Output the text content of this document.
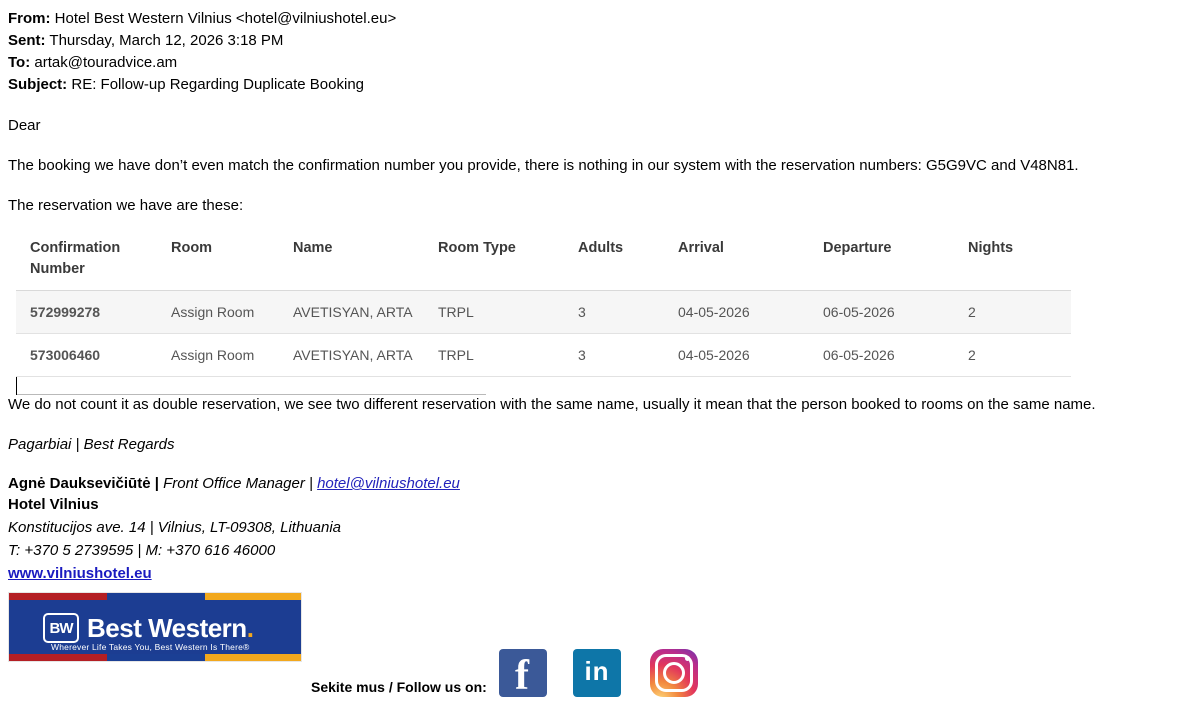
From: Hotel Best Western Vilnius <hotel@vilniushotel.eu>
Sent: Thursday, March 12, 2026 3:18 PM
To: artak@touradvice.am
Subject: RE: Follow-up Regarding Duplicate Booking
Dear
The booking we have don’t even match the confirmation number you provide, there is nothing in our system with the reservation numbers: G5G9VC and V48N81.
The reservation we have are these:
Confirmation Number	Room	Name	Room Type	Adults	Arrival	Departure	Nights
572999278	Assign Room	AVETISYAN, ARTA	TRPL	3	04-05-2026	06-05-2026	2
573006460	Assign Room	AVETISYAN, ARTA	TRPL	3	04-05-2026	06-05-2026	2
We do not count it as double reservation, we see two different reservation with the same name, usually it mean that the person booked to rooms on the same name.
Pagarbiai | Best Regards
Agnė Dauksevičiūtė | Front Office Manager | hotel@vilniushotel.eu
Hotel Vilnius
Konstitucijos ave. 14 | Vilnius, LT-09308, Lithuania
T: +370 5 2739595 | M: +370 616 46000
www.vilniushotel.eu
BW Best Western.
Wherever Life Takes You, Best Western Is There®
Sekite mus / Follow us on: f	in
